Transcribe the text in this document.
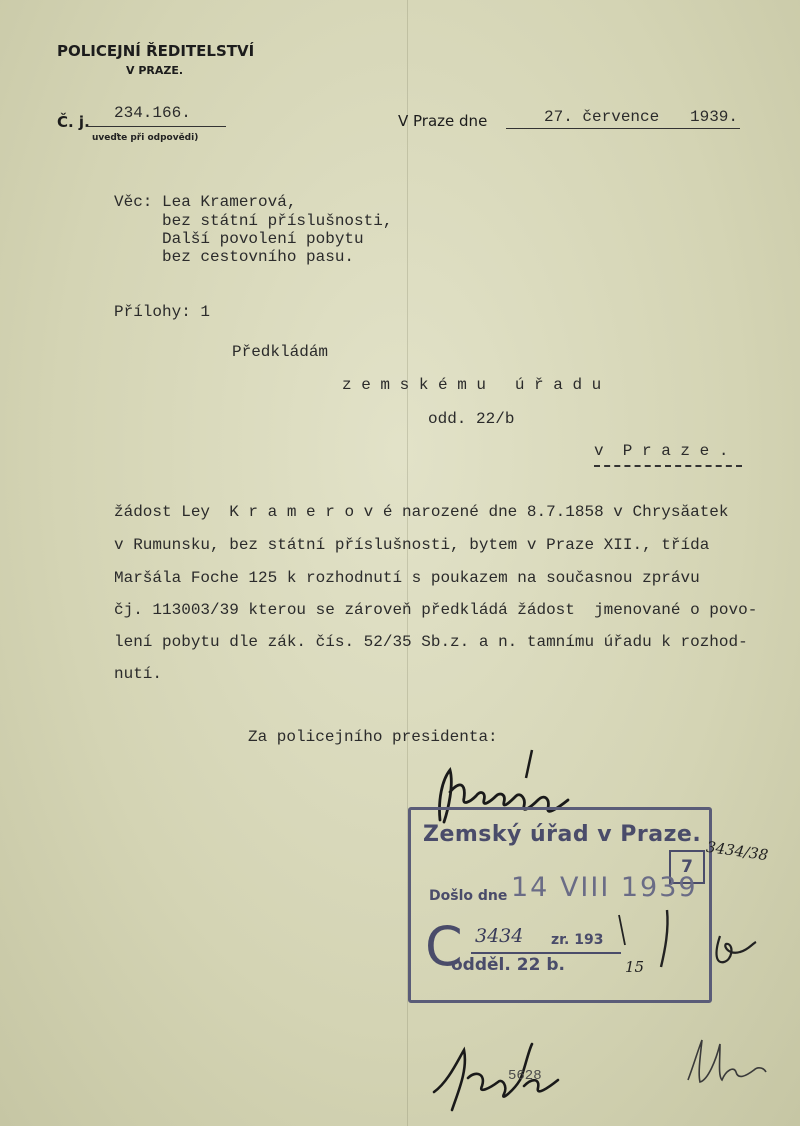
POLICEJNÍ ŘEDITELSTVÍ
V PRAZE.
Č. j. 234.166.
uveďte při odpovědi)
V Praze dne	27. července 1939.
Věc: Lea Kramerová,
bez státní příslušnosti,
Další povolení pobytu
bez cestovního pasu.
Přílohy: 1
Předkládám
z e m s k é m u   ú ř a d u
odd. 22/b
v  P r a z e .
žádost Ley  K r a m e r o v é narozené dne 8.7.1858 v Chrysăatek
v Rumunsku, bez státní příslušnosti, bytem v Praze XII., třída
Maršála Foche 125 k rozhodnutí s poukazem na současnou zprávu
čj. 113003/39 kterou se zároveň předkládá žádost  jmenované o povo-
lení pobytu dle zák. čís. 52/35 Sb.z. a n. tamnímu úřadu k rozhod-
nutí.
Za policejního presidenta:
Zemský úřad v Praze.
7
Došlo dne 14 VIII 1939
C 3434 zr. 193
odděl. 22 b.	15
3434/38
5628
